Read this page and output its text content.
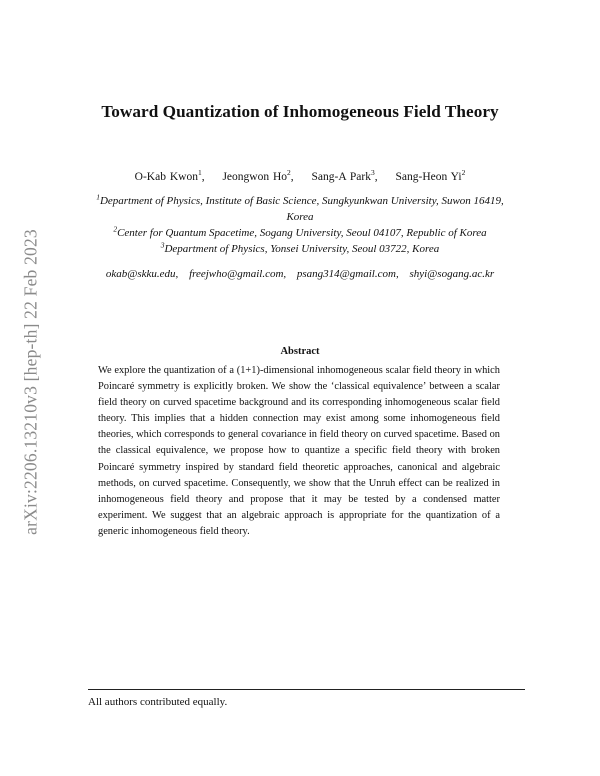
arXiv:2206.13210v3 [hep-th] 22 Feb 2023
Toward Quantization of Inhomogeneous Field Theory
O-Kab Kwon$^1$, Jeongwon Ho$^2$, Sang-A Park$^3$, Sang-Heon Yi$^2$
$^1$Department of Physics, Institute of Basic Science, Sungkyunkwan University, Suwon 16419, Korea
$^2$Center for Quantum Spacetime, Sogang University, Seoul 04107, Republic of Korea
$^3$Department of Physics, Yonsei University, Seoul 03722, Korea
okab@skku.edu, freejwho@gmail.com, psang314@gmail.com, shyi@sogang.ac.kr
Abstract
We explore the quantization of a (1+1)-dimensional inhomogeneous scalar field theory in which Poincaré symmetry is explicitly broken. We show the ‘classical equivalence’ between a scalar field theory on curved spacetime background and its corresponding inhomogeneous scalar field theory. This implies that a hidden connection may exist among some inhomogeneous field theories, which corresponds to general covariance in field theory on curved spacetime. Based on the classical equivalence, we propose how to quantize a specific field theory with broken Poincaré symmetry inspired by standard field theoretic approaches, canonical and algebraic methods, on curved spacetime. Consequently, we show that the Unruh effect can be realized in inhomogeneous field theory and propose that it may be tested by a condensed matter experiment. We suggest that an algebraic approach is appropriate for the quantization of a generic inhomogeneous field theory.
All authors contributed equally.
